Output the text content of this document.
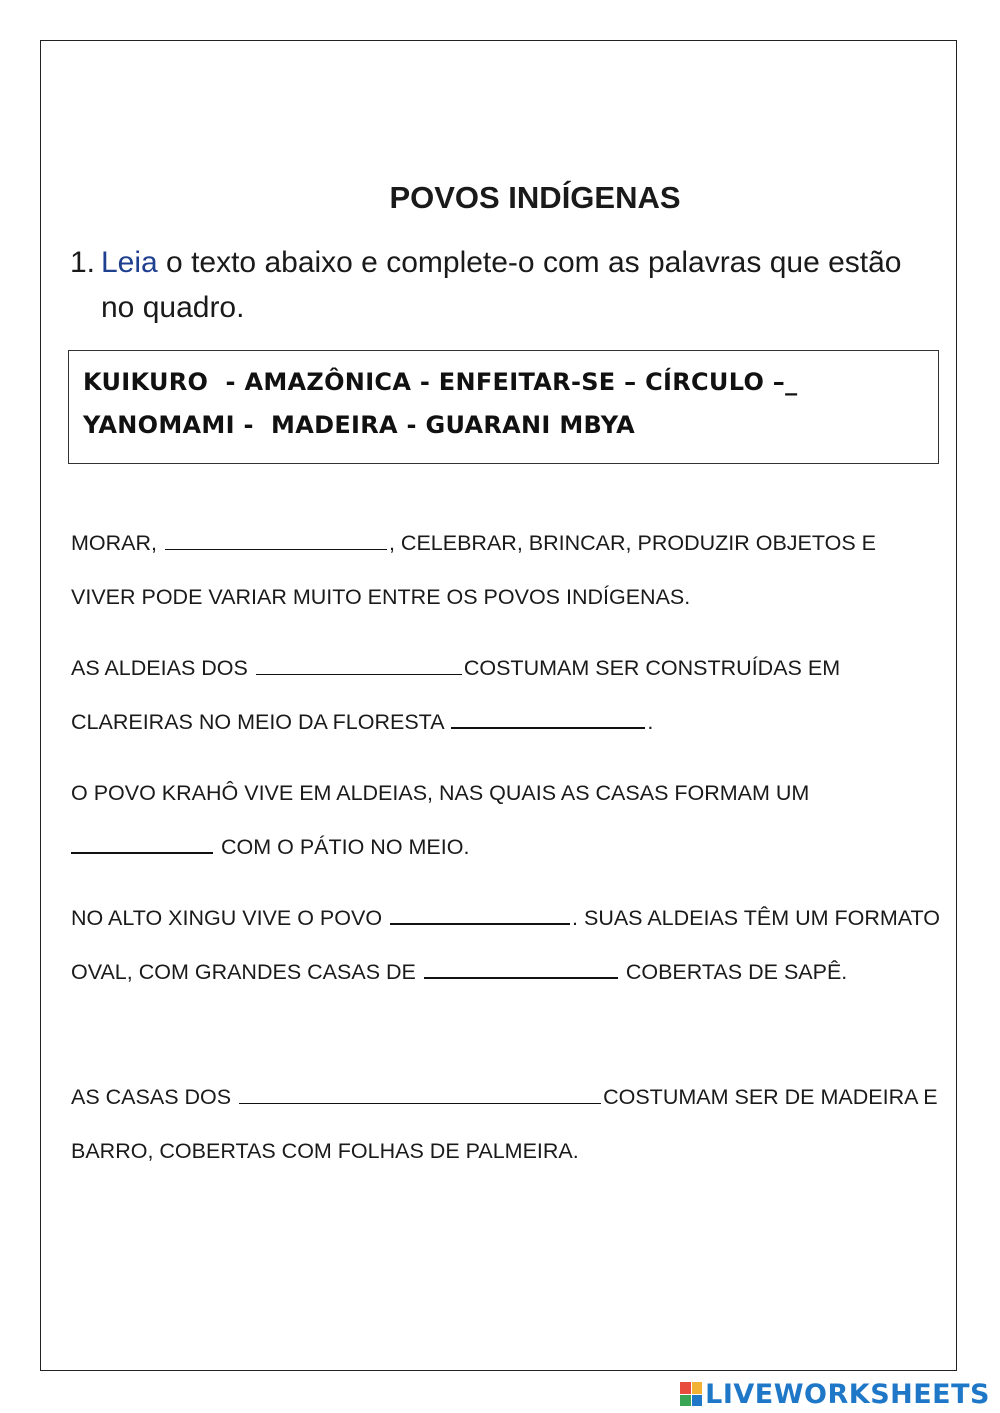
POVOS INDÍGENAS
1. Leia o texto abaixo e complete-o com as palavras que estão no quadro.
KUIKURO  - AMAZÔNICA - ENFEITAR-SE – CÍRCULO –_
YANOMAMI -  MADEIRA - GUARANI MBYA
MORAR,	, CELEBRAR, BRINCAR, PRODUZIR OBJETOS E VIVER PODE VARIAR MUITO ENTRE OS POVOS INDÍGENAS.
AS ALDEIAS DOS	COSTUMAM SER CONSTRUÍDAS EM CLAREIRAS NO MEIO DA FLORESTA	.
O POVO KRAHÔ VIVE EM ALDEIAS, NAS QUAIS AS CASAS FORMAM UM
COM O PÁTIO NO MEIO.
NO ALTO XINGU VIVE O POVO	. SUAS ALDEIAS TÊM UM FORMATO OVAL, COM GRANDES CASAS DE	COBERTAS DE SAPÊ.
AS CASAS DOS	COSTUMAM SER DE MADEIRA E BARRO, COBERTAS COM FOLHAS DE PALMEIRA.
LIVEWORKSHEETS
